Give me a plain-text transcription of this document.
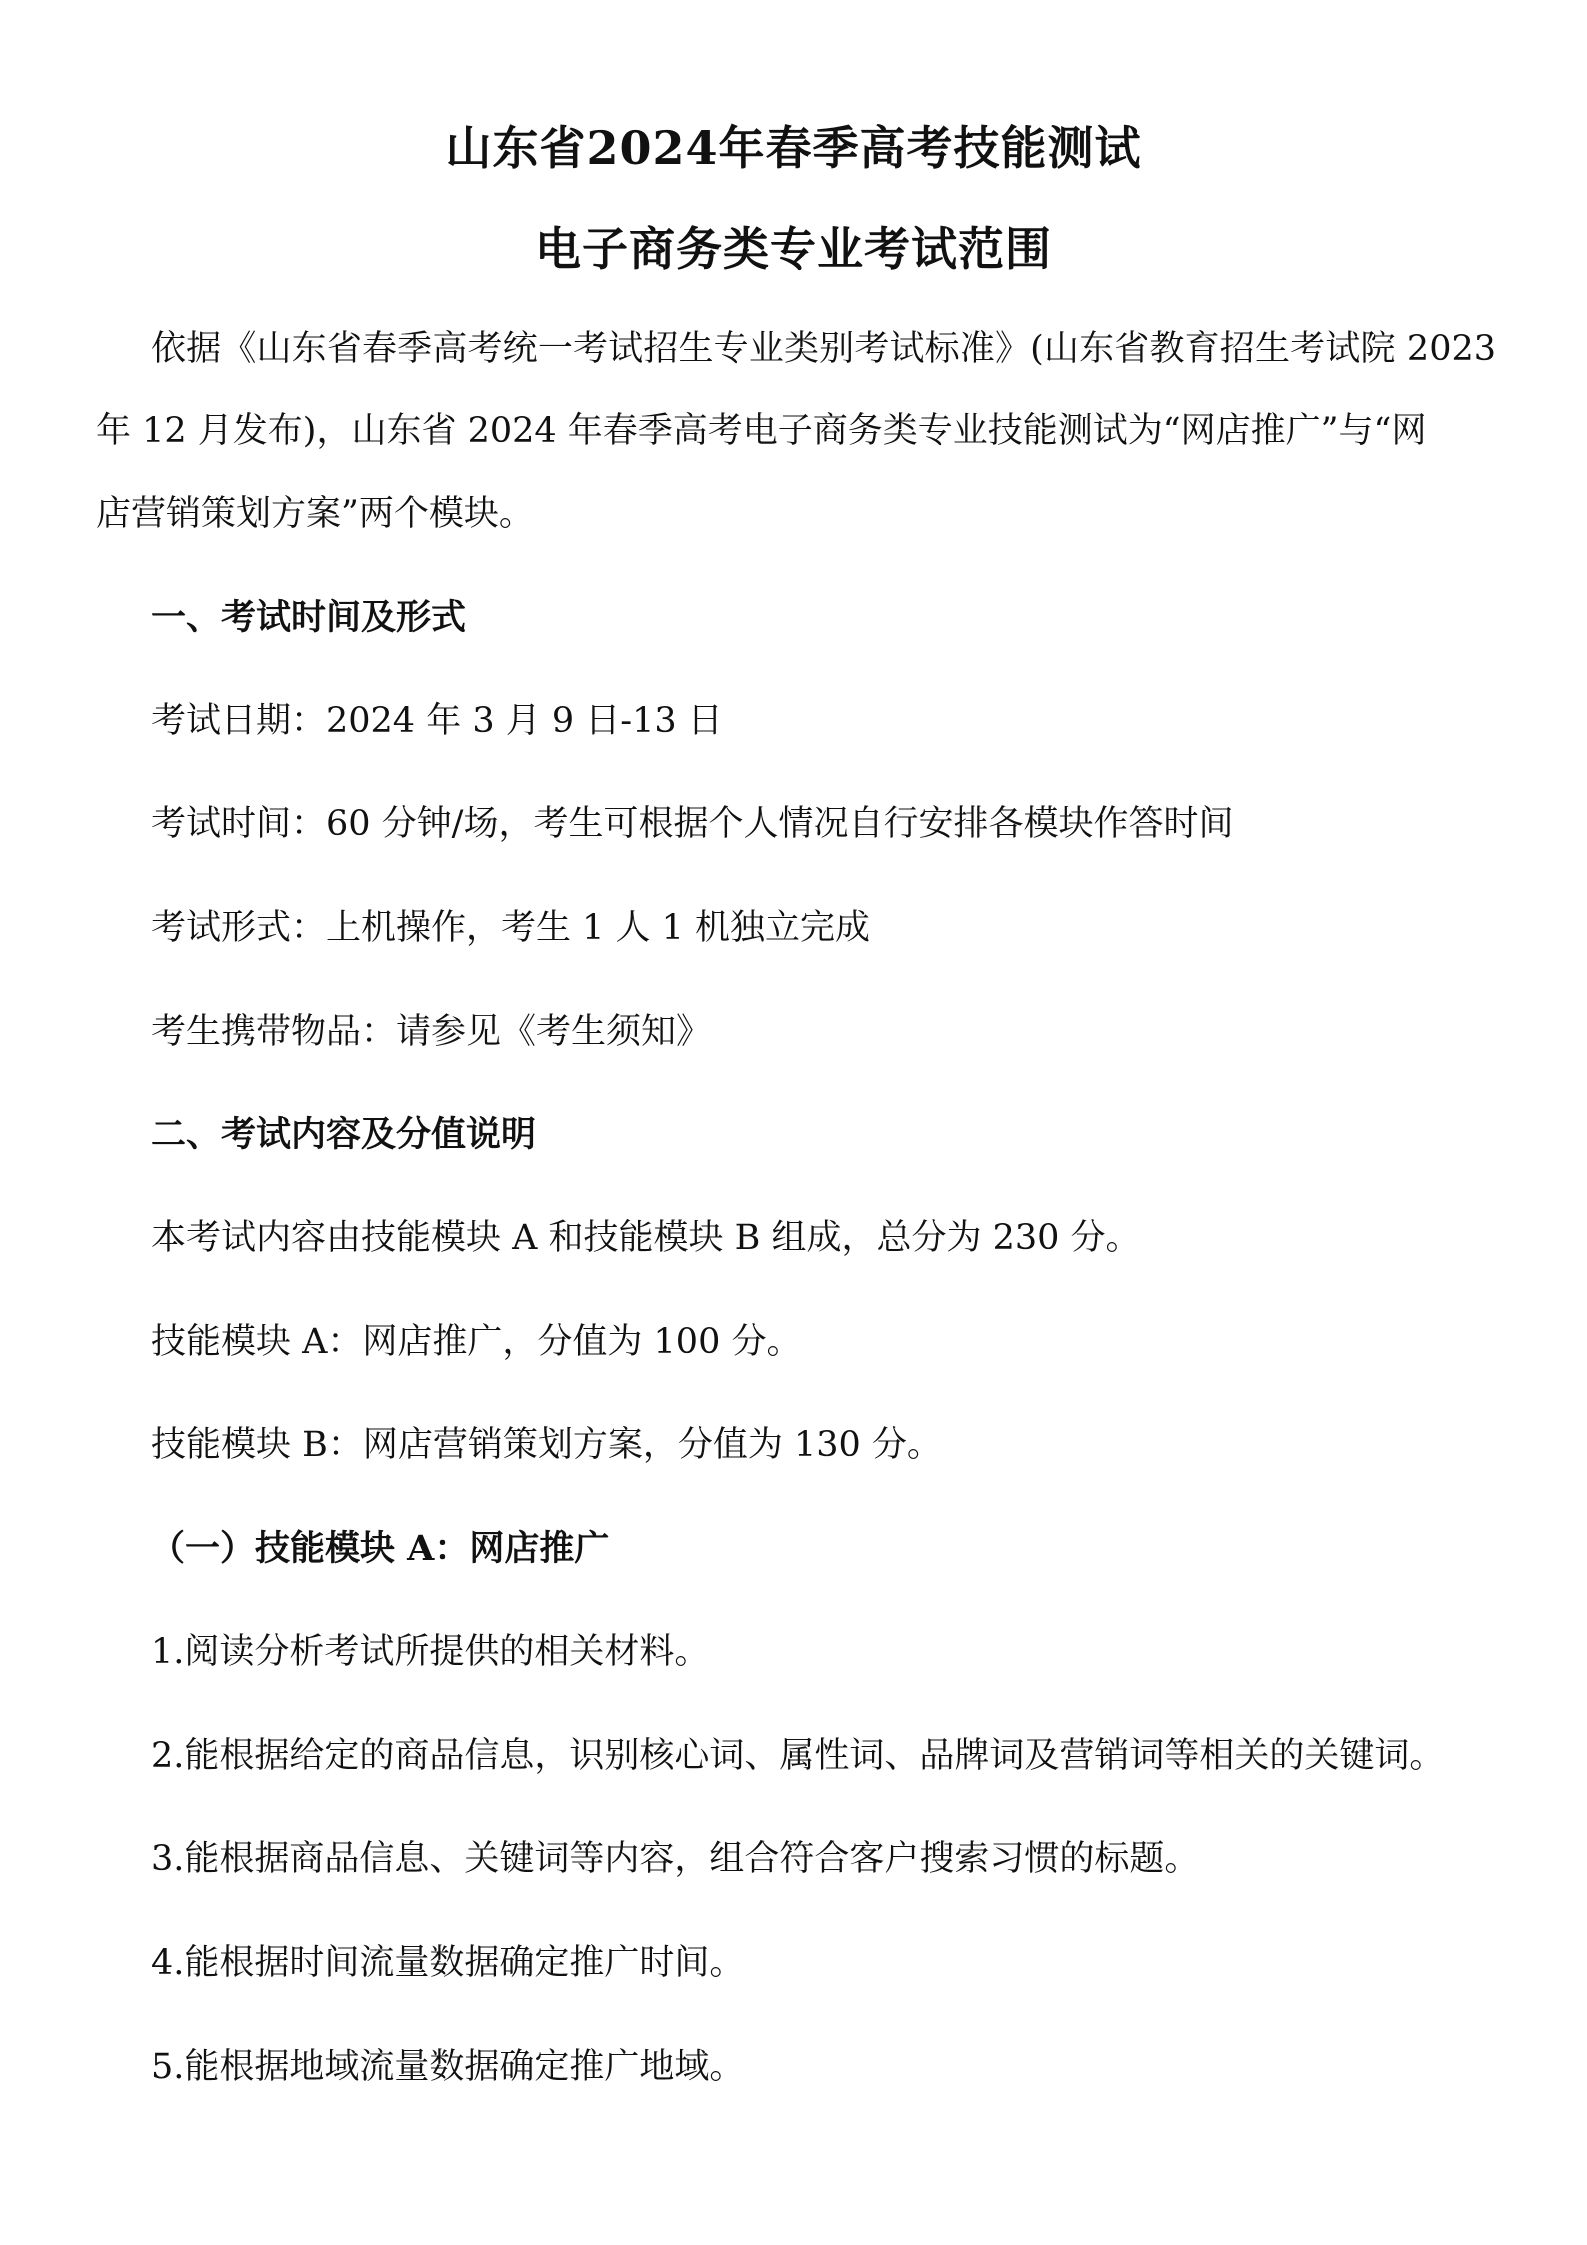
山东省2024年春季高考技能测试
电子商务类专业考试范围
依据《山东省春季高考统一考试招生专业类别考试标准》(山东省教育招生考试院 2023
年 12 月发布)，山东省 2024 年春季高考电子商务类专业技能测试为“网店推广”与“网
店营销策划方案”两个模块。
一、考试时间及形式
考试日期：2024 年 3 月 9 日-13 日
考试时间：60 分钟/场，考生可根据个人情况自行安排各模块作答时间
考试形式：上机操作，考生 1 人 1 机独立完成
考生携带物品：请参见《考生须知》
二、考试内容及分值说明
本考试内容由技能模块 A 和技能模块 B 组成，总分为 230 分。
技能模块 A：网店推广，分值为 100 分。
技能模块 B：网店营销策划方案，分值为 130 分。
（一）技能模块 A：网店推广
1.阅读分析考试所提供的相关材料。
2.能根据给定的商品信息，识别核心词、属性词、品牌词及营销词等相关的关键词。
3.能根据商品信息、关键词等内容，组合符合客户搜索习惯的标题。
4.能根据时间流量数据确定推广时间。
5.能根据地域流量数据确定推广地域。
